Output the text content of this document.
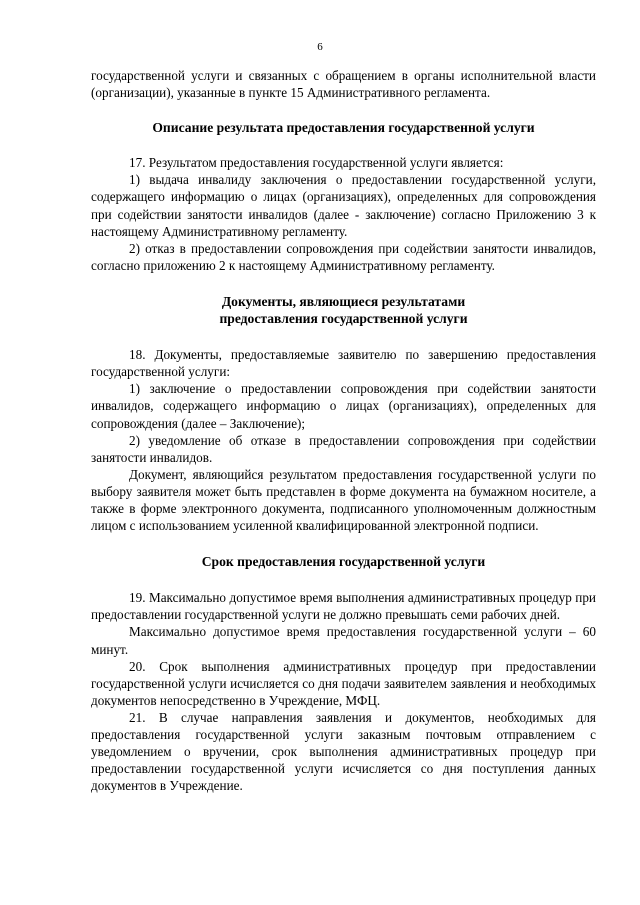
6

государственной услуги и связанных с обращением в органы исполнительной власти (организации), указанные в пункте 15 Административного регламента.

Описание результата предоставления государственной услуги

17. Результатом предоставления государственной услуги является:

1) выдача инвалиду заключения о предоставлении государственной услуги, содержащего информацию о лицах (организациях), определенных для сопровождения при содействии занятости инвалидов (далее - заключение) согласно Приложению 3 к настоящему Административному регламенту.

2) отказ в предоставлении сопровождения при содействии занятости инвалидов, согласно приложению 2 к настоящему Административному регламенту.

Документы, являющиеся результатами
предоставления государственной услуги

18. Документы, предоставляемые заявителю по завершению предоставления государственной услуги:

1) заключение о предоставлении сопровождения при содействии занятости инвалидов, содержащего информацию о лицах (организациях), определенных для сопровождения (далее – Заключение);

2) уведомление об отказе в предоставлении сопровождения при содействии занятости инвалидов.

Документ, являющийся результатом предоставления государственной услуги по выбору заявителя может быть представлен в форме документа на бумажном носителе, а также в форме электронного документа, подписанного уполномоченным должностным лицом с использованием усиленной квалифицированной электронной подписи.

Срок предоставления государственной услуги

19. Максимально допустимое время выполнения административных процедур при предоставлении государственной услуги не должно превышать семи рабочих дней.

Максимально допустимое время предоставления государственной услуги – 60 минут.

20. Срок выполнения административных процедур при предоставлении государственной услуги исчисляется со дня подачи заявителем заявления и необходимых документов непосредственно в Учреждение, МФЦ.

21. В случае направления заявления и документов, необходимых для предоставления государственной услуги заказным почтовым отправлением с уведомлением о вручении, срок выполнения административных процедур при предоставлении государственной услуги исчисляется со дня поступления данных документов в Учреждение.
